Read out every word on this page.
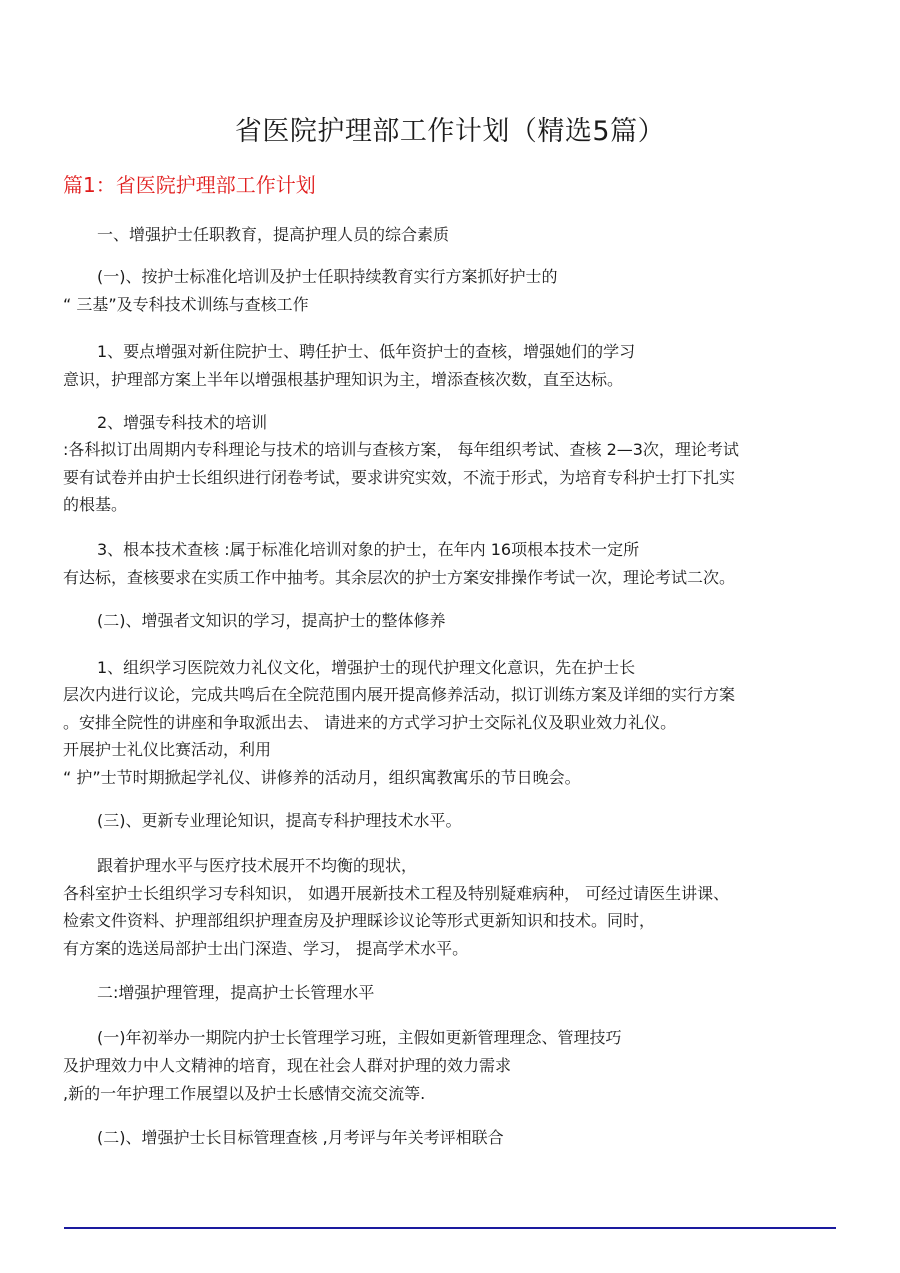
省医院护理部工作计划（精选5篇）
篇1：省医院护理部工作计划
一、增强护士任职教育，提高护理人员的综合素质
(一)、按护士标准化培训及护士任职持续教育实行方案抓好护士的
“ 三基”及专科技术训练与查核工作
1、要点增强对新住院护士、聘任护士、低年资护士的查核，增强她们的学习
意识，护理部方案上半年以增强根基护理知识为主，增添查核次数，直至达标。
2、增强专科技术的培训
:各科拟订出周期内专科理论与技术的培训与查核方案， 每年组织考试、查核 2—3次，理论考试
要有试卷并由护士长组织进行闭卷考试，要求讲究实效，不流于形式，为培育专科护士打下扎实
的根基。
3、根本技术查核 :属于标准化培训对象的护士，在年内 16项根本技术一定所
有达标，查核要求在实质工作中抽考。其余层次的护士方案安排操作考试一次，理论考试二次。
(二)、增强者文知识的学习，提高护士的整体修养
1、组织学习医院效力礼仪文化，增强护士的现代护理文化意识，先在护士长
层次内进行议论，完成共鸣后在全院范围内展开提高修养活动，拟订训练方案及详细的实行方案
。安排全院性的讲座和争取派出去、 请进来的方式学习护士交际礼仪及职业效力礼仪。
开展护士礼仪比赛活动，利用
“ 护”士节时期掀起学礼仪、讲修养的活动月，组织寓教寓乐的节日晚会。
(三)、更新专业理论知识，提高专科护理技术水平。
跟着护理水平与医疗技术展开不均衡的现状，
各科室护士长组织学习专科知识， 如遇开展新技术工程及特别疑难病种， 可经过请医生讲课、
检索文件资料、护理部组织护理查房及护理睬诊议论等形式更新知识和技术。同时，
有方案的选送局部护士出门深造、学习， 提高学术水平。
二:增强护理管理，提高护士长管理水平
(一)年初举办一期院内护士长管理学习班，主假如更新管理理念、管理技巧
及护理效力中人文精神的培育，现在社会人群对护理的效力需求
,新的一年护理工作展望以及护士长感情交流交流等.
(二)、增强护士长目标管理查核 ,月考评与年关考评相联合
